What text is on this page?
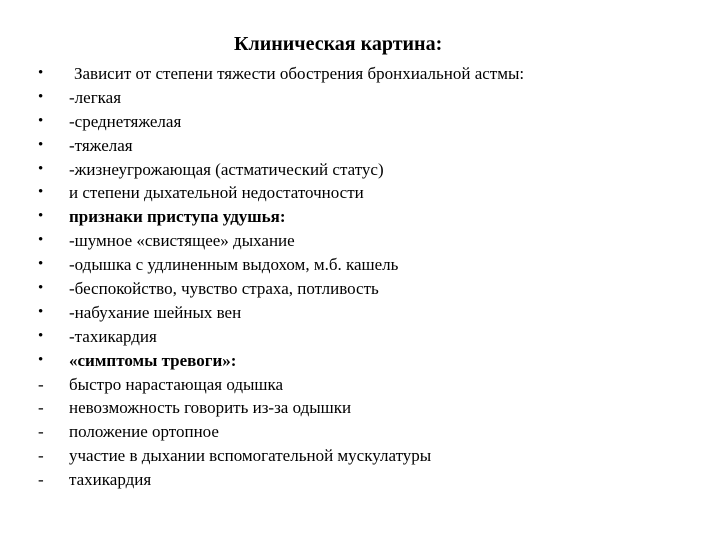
Клиническая картина:
•	Зависит от степени тяжести обострения бронхиальной астмы:
•	-легкая
•	-среднетяжелая
•	-тяжелая
•	-жизнеугрожающая (астматический статус)
•	и степени дыхательной недостаточности
•	признаки приступа удушья:
•	-шумное «свистящее» дыхание
•	-одышка с удлиненным выдохом, м.б. кашель
•	-беспокойство, чувство страха, потливость
•	-набухание шейных вен
•	-тахикардия
•	«симптомы тревоги»:
-	быстро нарастающая одышка
-	невозможность говорить из-за одышки
-	положение ортопное
-	участие в дыхании вспомогательной мускулатуры
-	тахикардия
